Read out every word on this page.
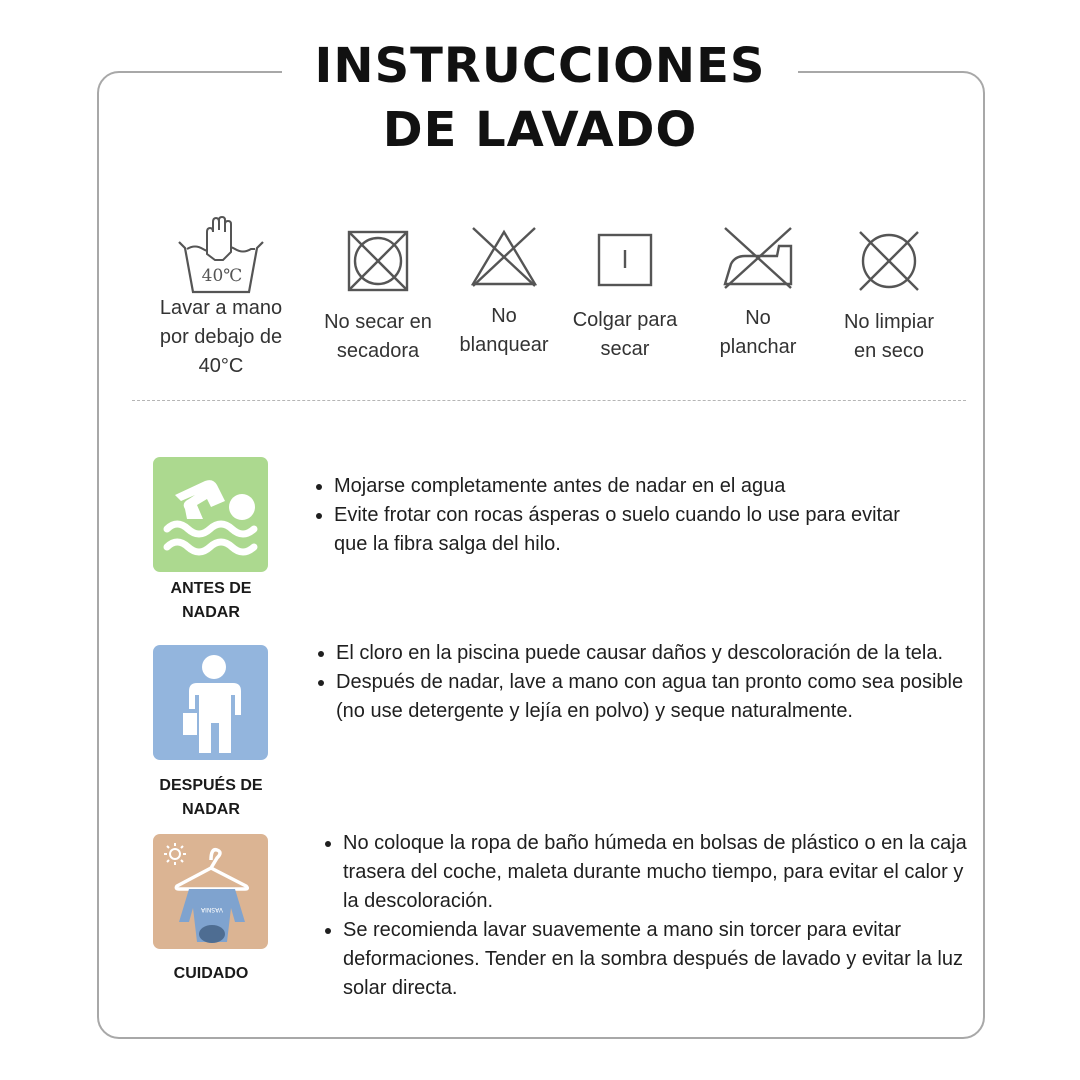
INSTRUCCIONES
DE LAVADO
40℃
Lavar a mano
por debajo de
40°C
No secar en
secadora
No
blanquear
Colgar para
secar
No
planchar
No limpiar
en seco
ANTES DE
NADAR
• Mojarse completamente antes de nadar en el agua
• Evite frotar con rocas ásperas o suelo cuando lo use para evitar que la fibra salga del hilo.
DESPUÉS DE
NADAR
• El cloro en la piscina puede causar daños y descoloración de la tela.
• Después de nadar, lave a mano con agua tan pronto como sea posible (no use detergente y lejía en polvo) y seque naturalmente.
VASNIA
CUIDADO
• No coloque la ropa de baño húmeda en bolsas de plástico o en la caja trasera del coche, maleta durante mucho tiempo, para evitar el calor y la descoloración.
• Se recomienda lavar suavemente a mano sin torcer para evitar deformaciones. Tender en la sombra después de lavado y evitar la luz solar directa.
